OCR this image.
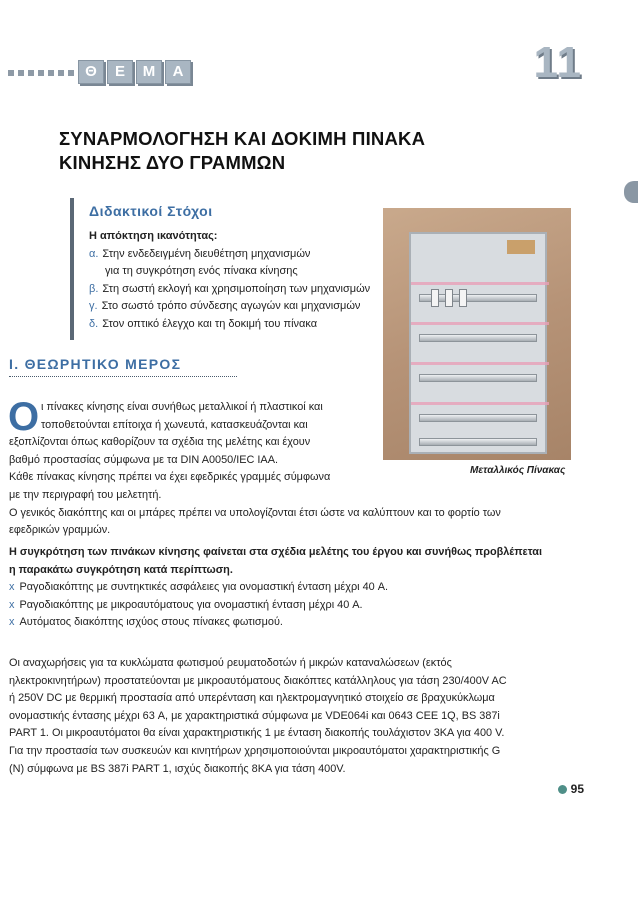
Θ	Ε	Μ	Α	11
ΣΥΝΑΡΜΟΛΟΓΗΣΗ ΚΑΙ ΔΟΚΙΜΗ ΠΙΝΑΚΑ
ΚΙΝΗΣΗΣ ΔΥΟ ΓΡΑΜΜΩΝ
Διδακτικοί Στόχοι
Η απόκτηση ικανότητας:
α. Στην ενδεδειγμένη διευθέτηση μηχανισμών
για τη συγκρότηση ενός πίνακα κίνησης
β. Στη σωστή εκλογή και χρησιμοποίηση των μηχανισμών
γ. Στο σωστό τρόπο σύνδεσης αγωγών και μηχανισμών
δ. Στον οπτικό έλεγχο και τη δοκιμή του πίνακα
Μεταλλικός Πίνακας
Ι. ΘΕΩΡΗΤΙΚΟ ΜΕΡΟΣ
Ο ι πίνακες κίνησης είναι συνήθως μεταλλικοί ή πλαστικοί και
τοποθετούνται επίτοιχα ή χωνευτά, κατασκευάζονται και
εξοπλίζονται όπως καθορίζουν τα σχέδια της μελέτης και έχουν
βαθμό προστασίας σύμφωνα με τα DIN A0050/IEC IAA.
Κάθε πίνακας κίνησης πρέπει να έχει εφεδρικές γραμμές σύμφωνα
με την περιγραφή του μελετητή.
Ο γενικός διακόπτης και οι μπάρες πρέπει να υπολογίζονται έτσι ώστε να καλύπτουν και το φορτίο των
εφεδρικών γραμμών.
Η συγκρότηση των πινάκων κίνησης φαίνεται στα σχέδια μελέτης του έργου και συνήθως προβλέπεται
η παρακάτω συγκρότηση κατά περίπτωση.
x Ραγοδιακόπτης με συντηκτικές ασφάλειες για ονομαστική ένταση μέχρι 40 A.
x Ραγοδιακόπτης με μικροαυτόματους για ονομαστική ένταση μέχρι 40 A.
x Αυτόματος διακόπτης ισχύος στους πίνακες φωτισμού.
Οι αναχωρήσεις για τα κυκλώματα φωτισμού ρευματοδοτών ή μικρών καταναλώσεων (εκτός
ηλεκτροκινητήρων) προστατεύονται με μικροαυτόματους διακόπτες κατάλληλους για τάση 230/400V AC
ή 250V DC με θερμική προστασία από υπερένταση και ηλεκτρομαγνητικό στοιχείο σε βραχυκύκλωμα
ονομαστικής έντασης μέχρι 63 A, με χαρακτηριστικά σύμφωνα με VDE064i και 0643 CEE 1Q, BS 387i
PART 1. Οι μικροαυτόματοι θα είναι χαρακτηριστικής 1 με ένταση διακοπής τουλάχιστον 3KA για 400 V.
Για την προστασία των συσκευών και κινητήρων χρησιμοποιούνται μικροαυτόματοι χαρακτηριστικής G
(N) σύμφωνα με BS 387i PART 1, ισχύς διακοπής 8KA για τάση 400V.
95
